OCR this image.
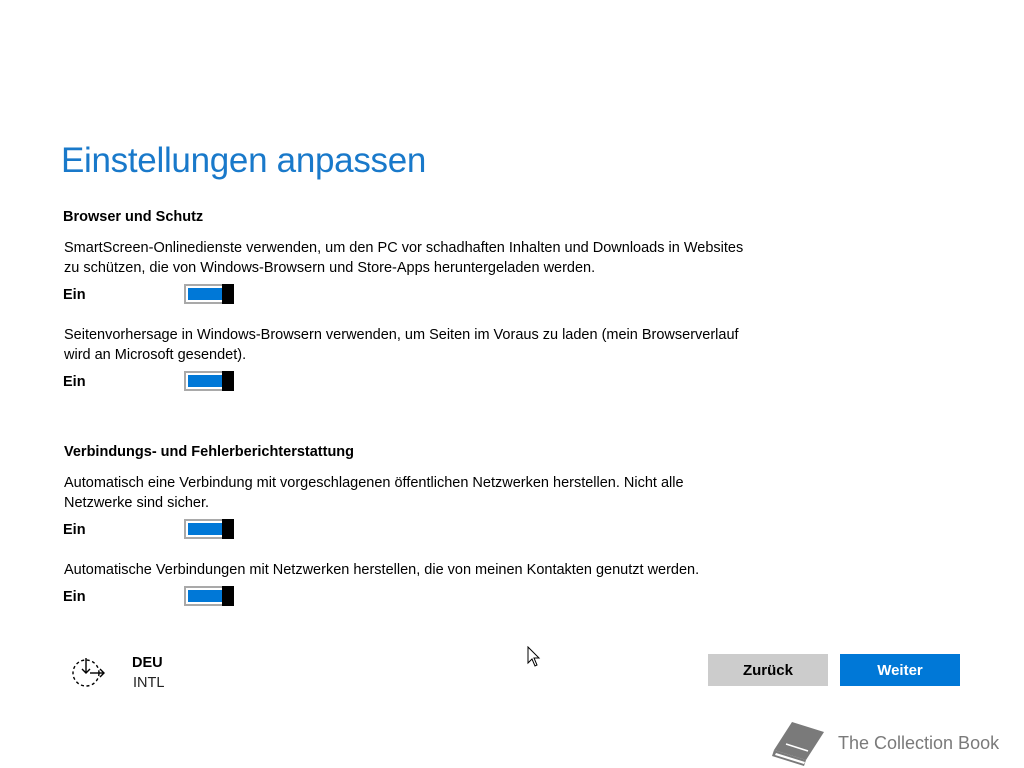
Einstellungen anpassen
Browser und Schutz

SmartScreen-Onlinedienste verwenden, um den PC vor schadhaften Inhalten und Downloads in Websites zu schützen, die von Windows-Browsern und Store-Apps heruntergeladen werden.

Ein

Seitenvorhersage in Windows-Browsern verwenden, um Seiten im Voraus zu laden (mein Browserverlauf wird an Microsoft gesendet).

Ein
Verbindungs- und Fehlerberichterstattung

Automatisch eine Verbindung mit vorgeschlagenen öffentlichen Netzwerken herstellen. Nicht alle Netzwerke sind sicher.

Ein

Automatische Verbindungen mit Netzwerken herstellen, die von meinen Kontakten genutzt werden.

Ein
DEU
INTL
Zurück	Weiter
The Collection Book
